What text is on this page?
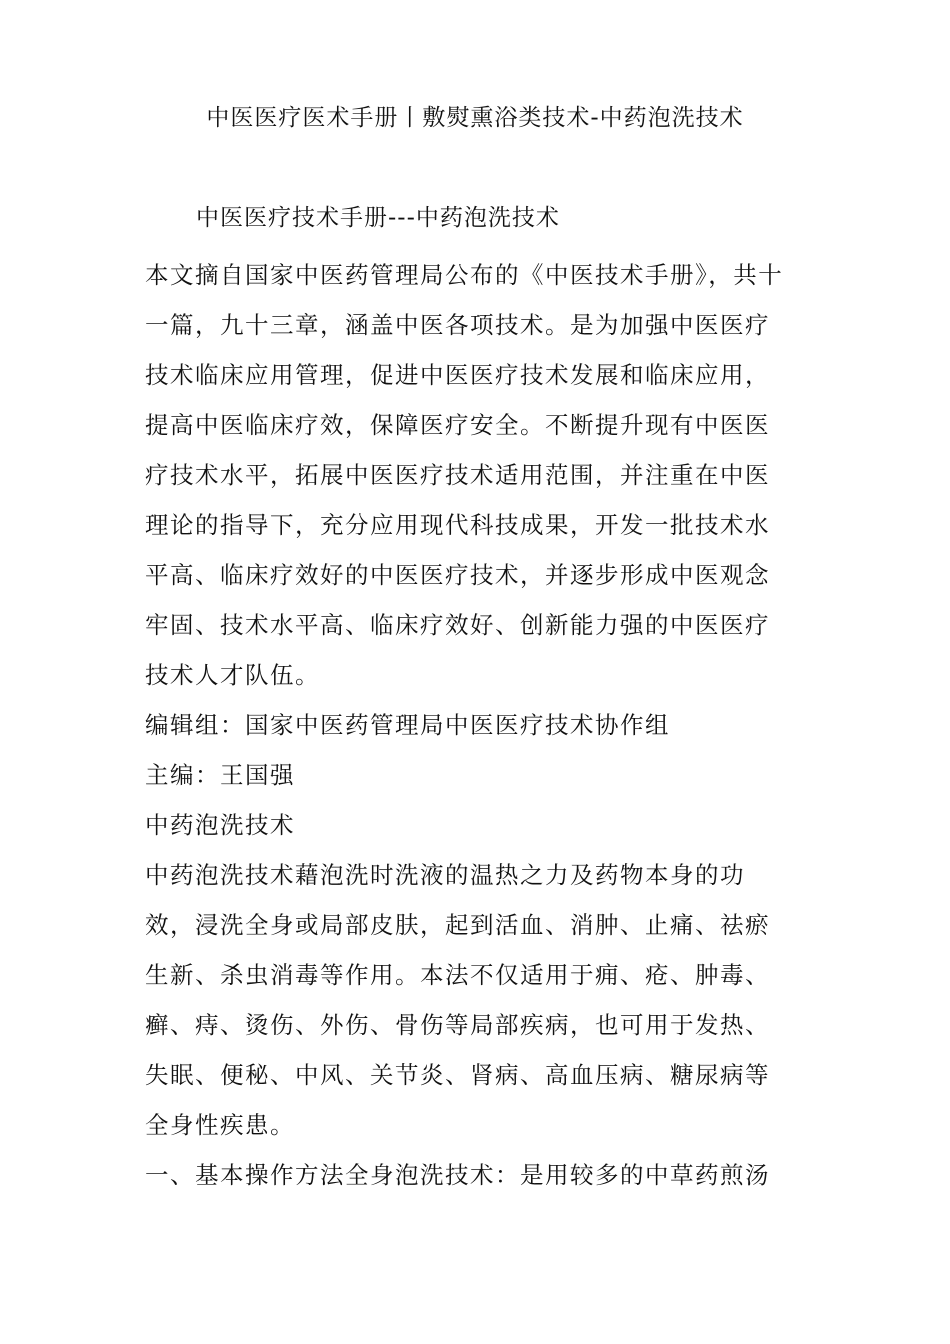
中医医疗医术手册丨敷熨熏浴类技术-中药泡洗技术
中医医疗技术手册---中药泡洗技术
本文摘自国家中医药管理局公布的《中医技术手册》，共十
一篇，九十三章，涵盖中医各项技术。是为加强中医医疗
技术临床应用管理，促进中医医疗技术发展和临床应用，
提高中医临床疗效，保障医疗安全。不断提升现有中医医
疗技术水平，拓展中医医疗技术适用范围，并注重在中医
理论的指导下，充分应用现代科技成果，开发一批技术水
平高、临床疗效好的中医医疗技术，并逐步形成中医观念
牢固、技术水平高、临床疗效好、创新能力强的中医医疗
技术人才队伍。
编辑组：国家中医药管理局中医医疗技术协作组
主编：王国强
中药泡洗技术
中药泡洗技术藉泡洗时洗液的温热之力及药物本身的功
效，浸洗全身或局部皮肤，起到活血、消肿、止痛、祛瘀
生新、杀虫消毒等作用。本法不仅适用于痈、疮、肿毒、
癣、痔、烫伤、外伤、骨伤等局部疾病，也可用于发热、
失眠、便秘、中风、关节炎、肾病、高血压病、糖尿病等
全身性疾患。
一、基本操作方法全身泡洗技术：是用较多的中草药煎汤
